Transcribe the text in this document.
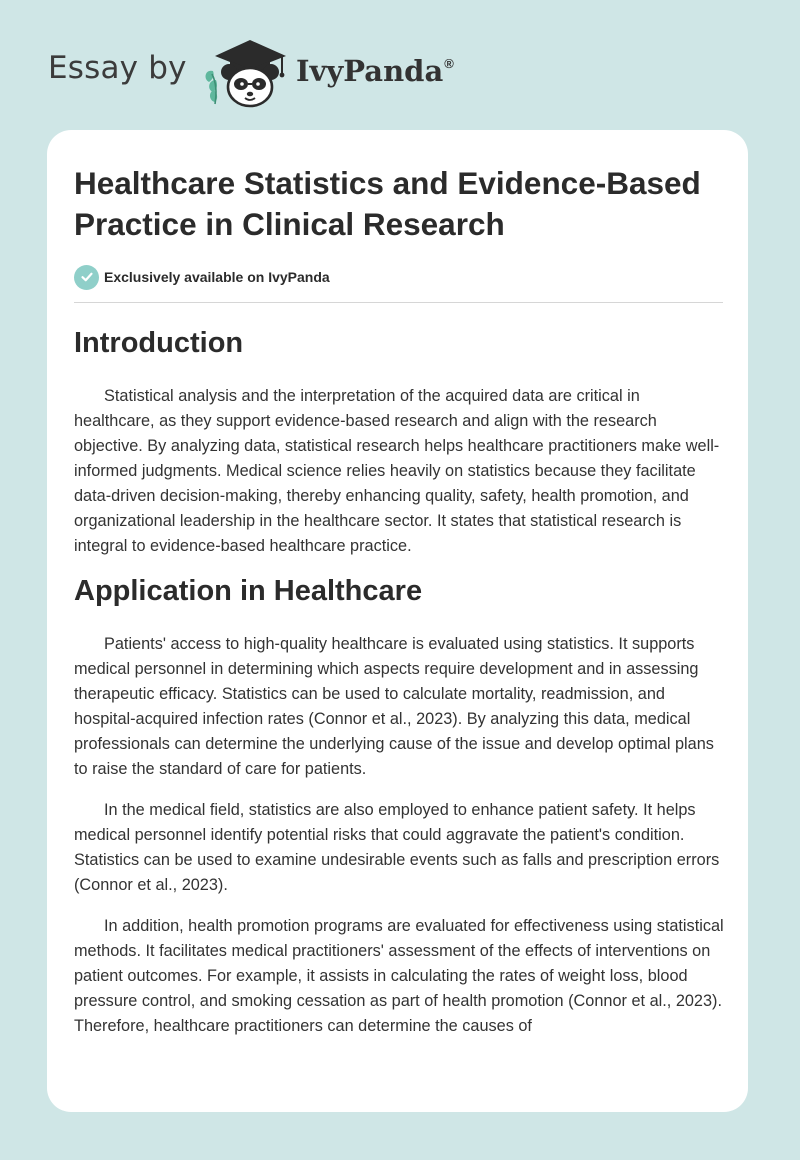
Essay by	IvyPanda®
Healthcare Statistics and Evidence-Based Practice in Clinical Research
Exclusively available on IvyPanda
Introduction

Statistical analysis and the interpretation of the acquired data are critical in healthcare, as they support evidence-based research and align with the research objective. By analyzing data, statistical research helps healthcare practitioners make well-informed judgments. Medical science relies heavily on statistics because they facilitate data-driven decision-making, thereby enhancing quality, safety, health promotion, and organizational leadership in the healthcare sector. It states that statistical research is integral to evidence-based healthcare practice.

Application in Healthcare

Patients' access to high-quality healthcare is evaluated using statistics. It supports medical personnel in determining which aspects require development and in assessing therapeutic efficacy. Statistics can be used to calculate mortality, readmission, and hospital-acquired infection rates (Connor et al., 2023). By analyzing this data, medical professionals can determine the underlying cause of the issue and develop optimal plans to raise the standard of care for patients.

In the medical field, statistics are also employed to enhance patient safety. It helps medical personnel identify potential risks that could aggravate the patient's condition. Statistics can be used to examine undesirable events such as falls and prescription errors (Connor et al., 2023).

In addition, health promotion programs are evaluated for effectiveness using statistical methods. It facilitates medical practitioners' assessment of the effects of interventions on patient outcomes. For example, it assists in calculating the rates of weight loss, blood pressure control, and smoking cessation as part of health promotion (Connor et al., 2023). Therefore, healthcare practitioners can determine the causes of
